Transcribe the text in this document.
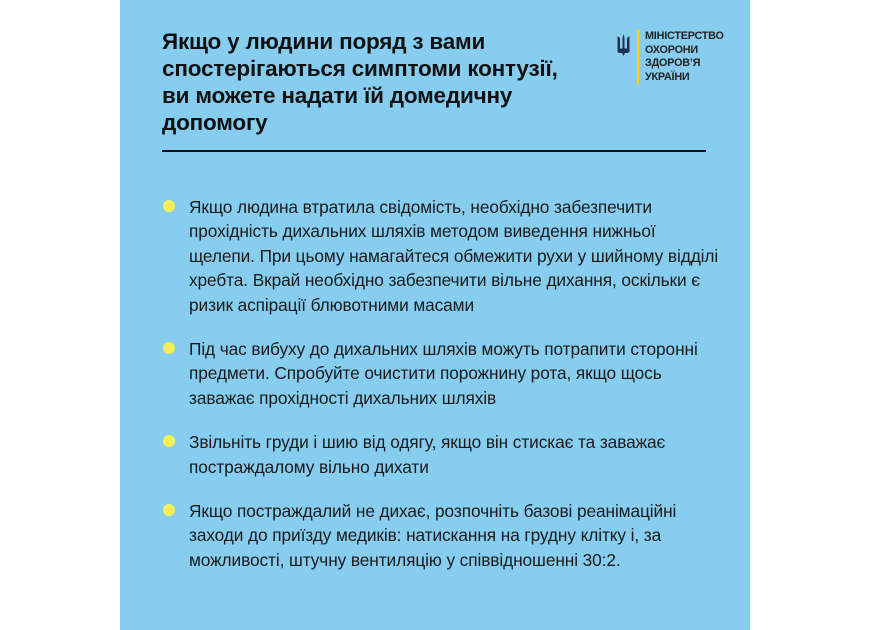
Якщо у людини поряд з вами спостерігаються симптоми контузії, ви можете надати їй домедичну допомогу
МІНІСТЕРСТВО
ОХОРОНИ
ЗДОРОВ’Я
УКРАЇНИ
Якщо людина втратила свідомість, необхідно забезпечити прохідність дихальних шляхів методом виведення нижньої щелепи. При цьому намагайтеся обмежити рухи у шийному відділі хребта. Вкрай необхідно забезпечити вільне дихання, оскільки є ризик аспірації блювотними масами
Під час вибуху до дихальних шляхів можуть потрапити сторонні предмети. Спробуйте очистити порожнину рота, якщо щось заважає прохідності дихальних шляхів
Звільніть груди і шию від одягу, якщо він стискає та заважає постраждалому вільно дихати
Якщо постраждалий не дихає, розпочніть базові реанімаційні заходи до приїзду медиків: натискання на грудну клітку і, за можливості, штучну вентиляцію у співвідношенні 30:2.
